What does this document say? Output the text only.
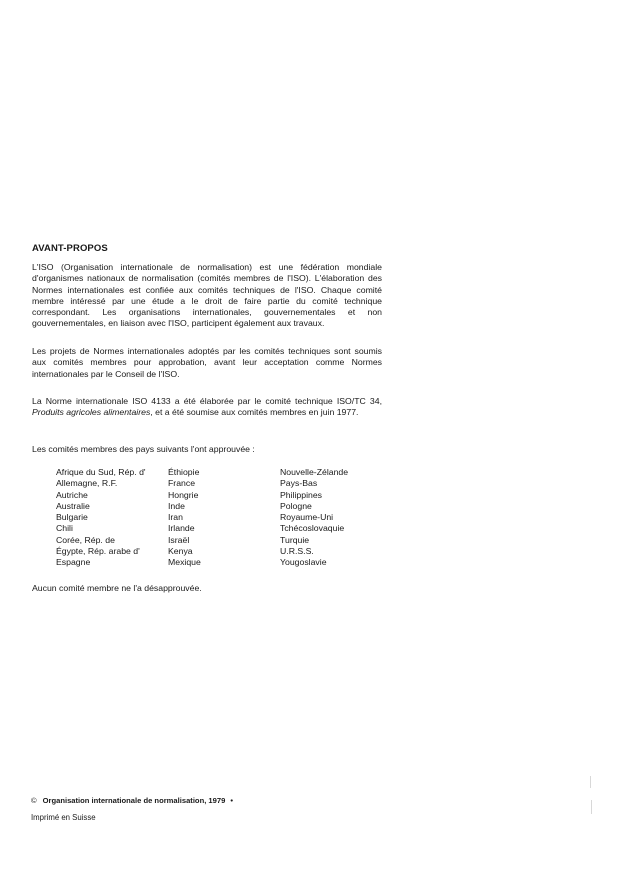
AVANT-PROPOS

L'ISO (Organisation internationale de normalisation) est une fédération mondiale d'organismes nationaux de normalisation (comités membres de l'ISO). L'élaboration des Normes internationales est confiée aux comités techniques de l'ISO. Chaque comité membre intéressé par une étude a le droit de faire partie du comité technique correspondant. Les organisations internationales, gouvernementales et non gouvernementales, en liaison avec l'ISO, participent également aux travaux.

Les projets de Normes internationales adoptés par les comités techniques sont soumis aux comités membres pour approbation, avant leur acceptation comme Normes internationales par le Conseil de l'ISO.

La Norme internationale ISO 4133 a été élaborée par le comité technique ISO/TC 34, Produits agricoles alimentaires, et a été soumise aux comités membres en juin 1977.

Les comités membres des pays suivants l'ont approuvée :

Afrique du Sud, Rép. d'
Allemagne, R.F.
Autriche
Australie
Bulgarie
Chili
Corée, Rép. de
Égypte, Rép. arabe d'
Espagne
Éthiopie
France
Hongrie
Inde
Iran
Irlande
Israël
Kenya
Mexique
Nouvelle-Zélande
Pays-Bas
Philippines
Pologne
Royaume-Uni
Tchécoslovaquie
Turquie
U.R.S.S.
Yougoslavie

Aucun comité membre ne l'a désapprouvée.

© Organisation internationale de normalisation, 1979 •
Imprimé en Suisse
